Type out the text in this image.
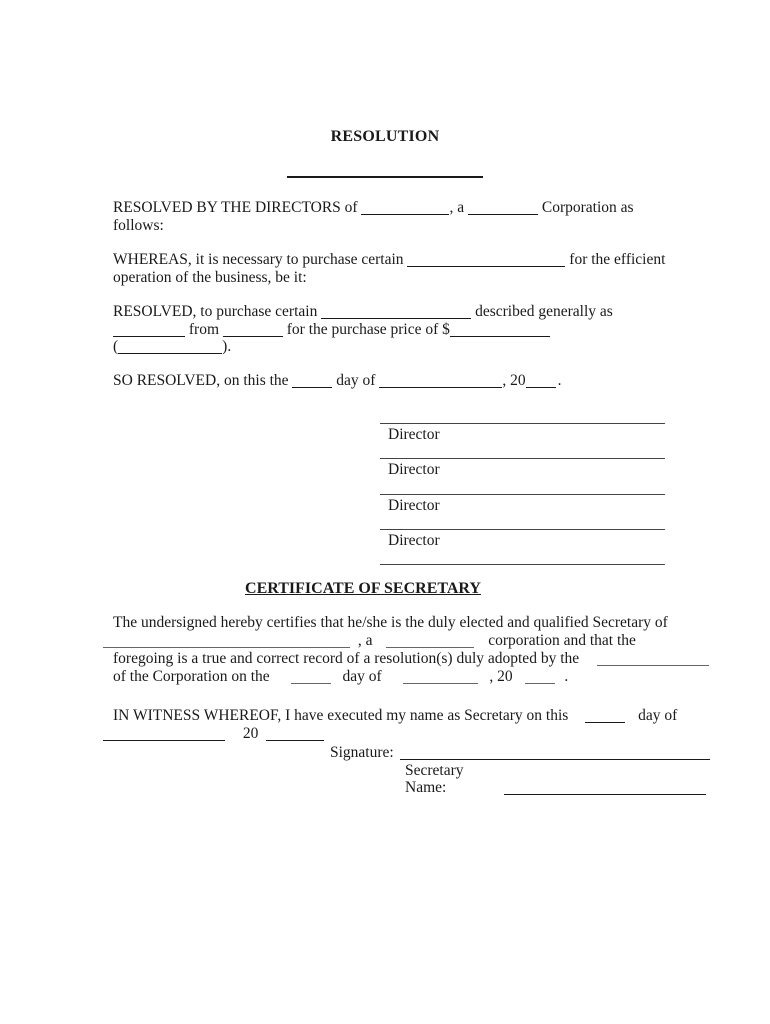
RESOLUTION
RESOLVED BY THE DIRECTORS of	, a	Corporation as
follows:
WHEREAS, it is necessary to purchase certain	for the efficient
operation of the business, be it:
RESOLVED, to purchase certain	described generally as
from	for the purchase price of $
(	).
SO RESOLVED, on this the	day of	, 20 .
Director
Director
Director
Director
CERTIFICATE OF SECRETARY
The undersigned hereby certifies that he/she is the duly elected and qualified Secretary of
, a	corporation and that the
foregoing is a true and correct record of a resolution(s) duly adopted by the
of the Corporation on the	day of	, 20	.
IN WITNESS WHEREOF, I have executed my name as Secretary on this	day of
20
Signature:
Secretary
Name:
